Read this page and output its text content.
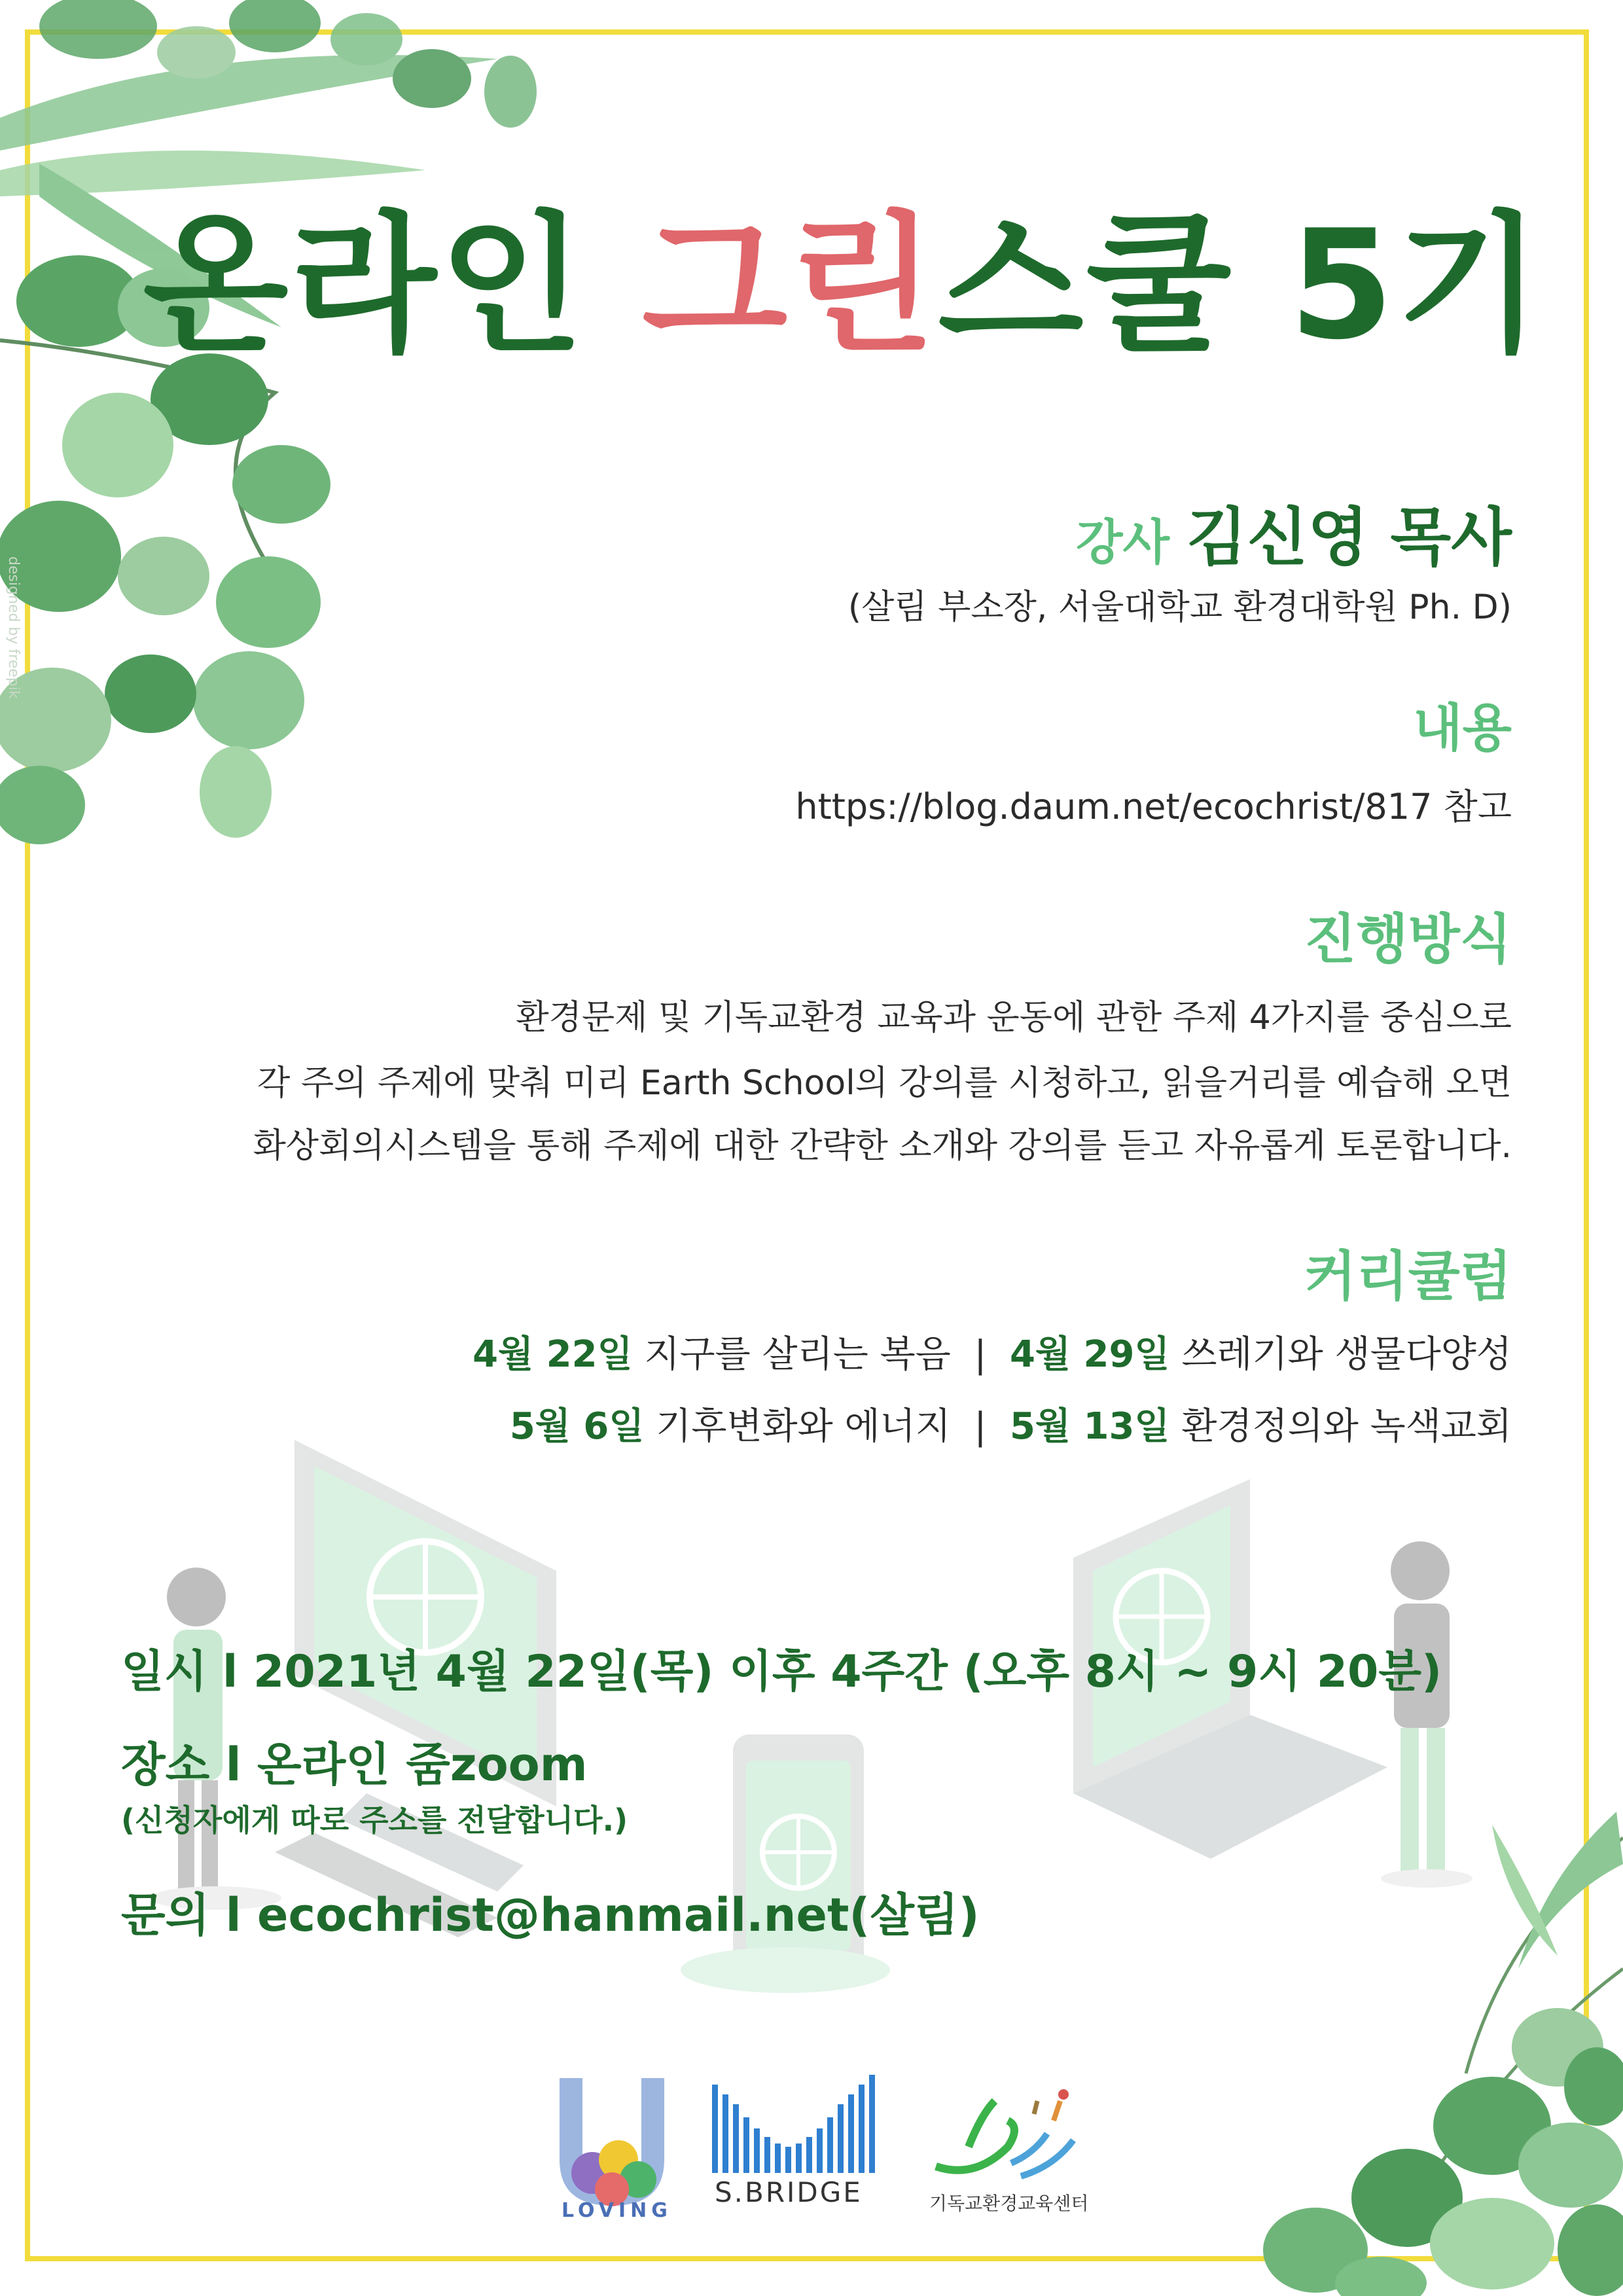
designed by freepik
온라인 그린스쿨 5기
강사 김신영 목사
(살림 부소장, 서울대학교 환경대학원 Ph. D)
내용
https://blog.daum.net/ecochrist/817 참고
진행방식
환경문제 및 기독교환경 교육과 운동에 관한 주제 4가지를 중심으로
각 주의 주제에 맞춰 미리 Earth School의 강의를 시청하고, 읽을거리를 예습해 오면
화상회의시스템을 통해 주제에 대한 간략한 소개와 강의를 듣고 자유롭게 토론합니다.
커리큘럼
4월 22일 지구를 살리는 복음 | 4월 29일 쓰레기와 생물다양성
5월 6일 기후변화와 에너지 | 5월 13일 환경정의와 녹색교회
일시 l 2021년 4월 22일(목) 이후 4주간 (오후 8시 ~ 9시 20분)
장소 l 온라인 줌zoom
(신청자에게 따로 주소를 전달합니다.)
문의 l ecochrist@hanmail.net(살림)
LOVING
S.BRIDGE	기독교환경교육센터
